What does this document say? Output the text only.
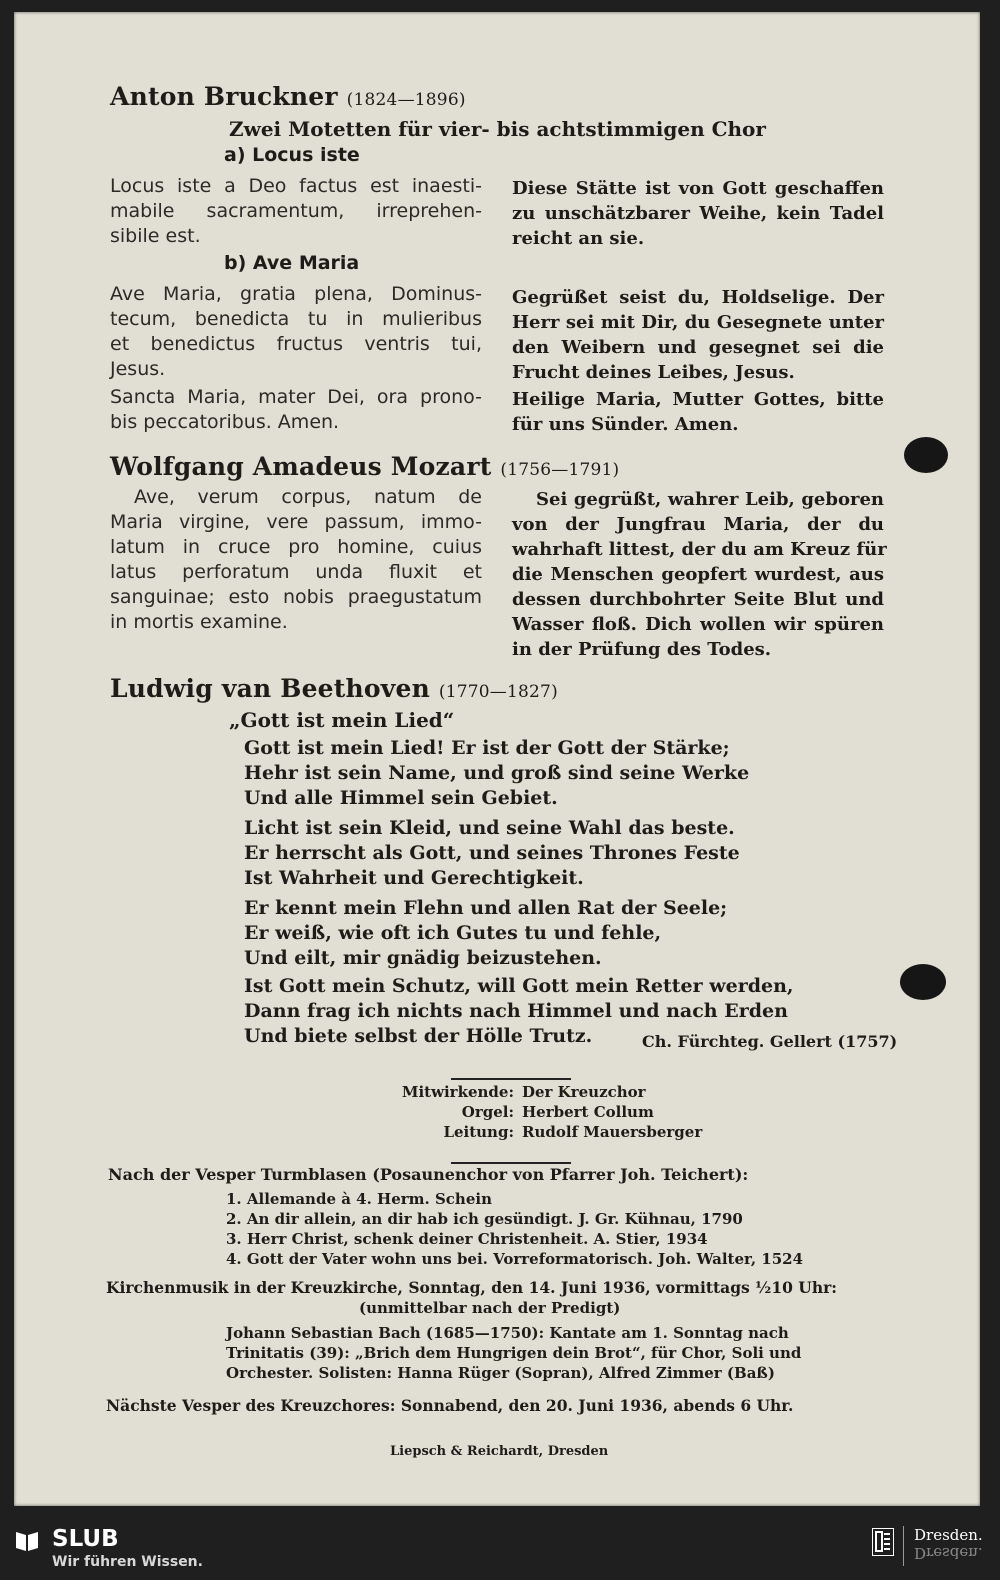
Anton Bruckner (1824—1896)
Zwei Motetten für vier- bis achtstimmigen Chor
a) Locus iste
Locus iste a Deo factus est inaesti-
mabile sacramentum, irreprehen-
sibile est.
Diese Stätte ist von Gott geschaffen
zu unschätzbarer Weihe, kein Tadel
reicht an sie.
b) Ave Maria
Ave Maria, gratia plena, Dominus-
tecum, benedicta tu in mulieribus
et benedictus fructus ventris tui,
Jesus.
Sancta Maria, mater Dei, ora prono-
bis peccatoribus. Amen.
Gegrüßet seist du, Holdselige. Der
Herr sei mit Dir, du Gesegnete unter
den Weibern und gesegnet sei die
Frucht deines Leibes, Jesus.
Heilige Maria, Mutter Gottes, bitte
für uns Sünder. Amen.
Wolfgang Amadeus Mozart (1756—1791)
Ave, verum corpus, natum de
Maria virgine, vere passum, immo-
latum in cruce pro homine, cuius
latus perforatum unda fluxit et
sanguinae; esto nobis praegustatum
in mortis examine.
Sei gegrüßt, wahrer Leib, geboren
von der Jungfrau Maria, der du
wahrhaft littest, der du am Kreuz für
die Menschen geopfert wurdest, aus
dessen durchbohrter Seite Blut und
Wasser floß. Dich wollen wir spüren
in der Prüfung des Todes.
Ludwig van Beethoven (1770—1827)
„Gott ist mein Lied“
Gott ist mein Lied! Er ist der Gott der Stärke;
Hehr ist sein Name, und groß sind seine Werke
Und alle Himmel sein Gebiet.
Licht ist sein Kleid, und seine Wahl das beste.
Er herrscht als Gott, und seines Thrones Feste
Ist Wahrheit und Gerechtigkeit.
Er kennt mein Flehn und allen Rat der Seele;
Er weiß, wie oft ich Gutes tu und fehle,
Und eilt, mir gnädig beizustehen.
Ist Gott mein Schutz, will Gott mein Retter werden,
Dann frag ich nichts nach Himmel und nach Erden
Und biete selbst der Hölle Trutz.	Ch. Fürchteg. Gellert (1757)
Mitwirkende: Der Kreuzchor
Orgel: Herbert Collum
Leitung: Rudolf Mauersberger
Nach der Vesper Turmblasen (Posaunenchor von Pfarrer Joh. Teichert):
1. Allemande à 4. Herm. Schein
2. An dir allein, an dir hab ich gesündigt. J. Gr. Kühnau, 1790
3. Herr Christ, schenk deiner Christenheit. A. Stier, 1934
4. Gott der Vater wohn uns bei. Vorreformatorisch. Joh. Walter, 1524
Kirchenmusik in der Kreuzkirche, Sonntag, den 14. Juni 1936, vormittags ½10 Uhr:
(unmittelbar nach der Predigt)
Johann Sebastian Bach (1685—1750): Kantate am 1. Sonntag nach
Trinitatis (39): „Brich dem Hungrigen dein Brot“, für Chor, Soli und
Orchester. Solisten: Hanna Rüger (Sopran), Alfred Zimmer (Baß)
Nächste Vesper des Kreuzchores: Sonnabend, den 20. Juni 1936, abends 6 Uhr.
Liepsch & Reichardt, Dresden
SLUB
Wir führen Wissen.
Dresden.
Dresden.
